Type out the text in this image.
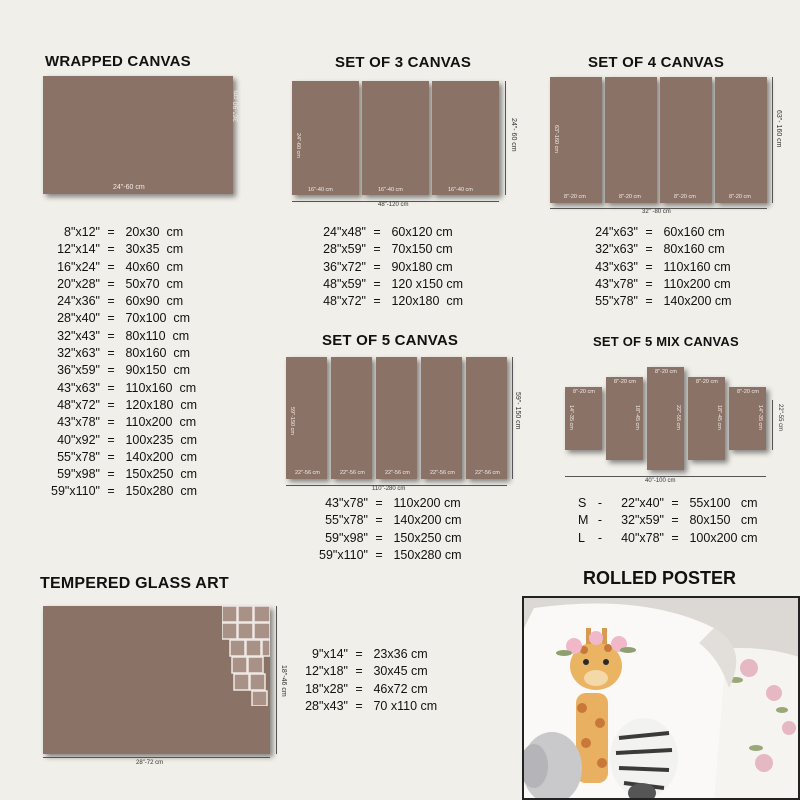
WRAPPED CANVAS
24"-60 cm
36"-90 cm
8"x12" = 20x30  cm
12"x14" = 30x35  cm
16"x24" = 40x60  cm
20"x28" = 50x70  cm
24"x36" = 60x90  cm
28"x40" = 70x100  cm
32"x43" = 80x110  cm
32"x63" = 80x160  cm
36"x59" = 90x150  cm
43"x63" = 110x160  cm
48"x72" = 120x180  cm
43"x78" = 110x200  cm
40"x92" = 100x235  cm
55"x78" = 140x200  cm
59"x98" = 150x250  cm
59"x110" = 150x280  cm
SET OF 3 CANVAS
16"-40 cm
24"-60 cm
16"-40 cm	16"-40 cm
48"-120 cm
24"- 60 cm
24"x48" = 60x120 cm
28"x59" = 70x150 cm
36"x72" = 90x180 cm
48"x59" = 120 x150 cm
48"x72" = 120x180  cm
SET OF 4 CANVAS
8"-20 cm
63"-160 cm
8"-20 cm	8"-20 cm	8"-20 cm
32" -80 cm
63"- 160 cm
24"x63" = 60x160 cm
32"x63" = 80x160 cm
43"x63" = 110x160 cm
43"x78" = 110x200 cm
55"x78" = 140x200 cm
SET OF 5 CANVAS
22"-56 cm
59"-150 cm
22"-56 cm	22"-56 cm	22"-56 cm	22"-56 cm
110"-280 cm
59"- 150 cm
43"x78" = 110x200 cm
55"x78" = 140x200 cm
59"x98" = 150x250 cm
59"x110" = 150x280 cm
SET OF 5 MIX CANVAS
8"-20 cm
14"-35 cm
8"-20 cm
18"-45 cm
8"-20 cm
22"-55 cm
8"-20 cm
18"-45 cm
8"-20 cm
14"-35 cm
40"-100 cm
22"-55 cm
S -	22"x40" = 55x100   cm
M -	32"x59" = 80x150   cm
L	-	40"x78" = 100x200 cm
TEMPERED GLASS ART
28"-72 cm
18"-46 cm
9"x14" = 23x36 cm
12"x18" = 30x45 cm
18"x28" = 46x72 cm
28"x43" = 70 x110 cm
ROLLED POSTER
